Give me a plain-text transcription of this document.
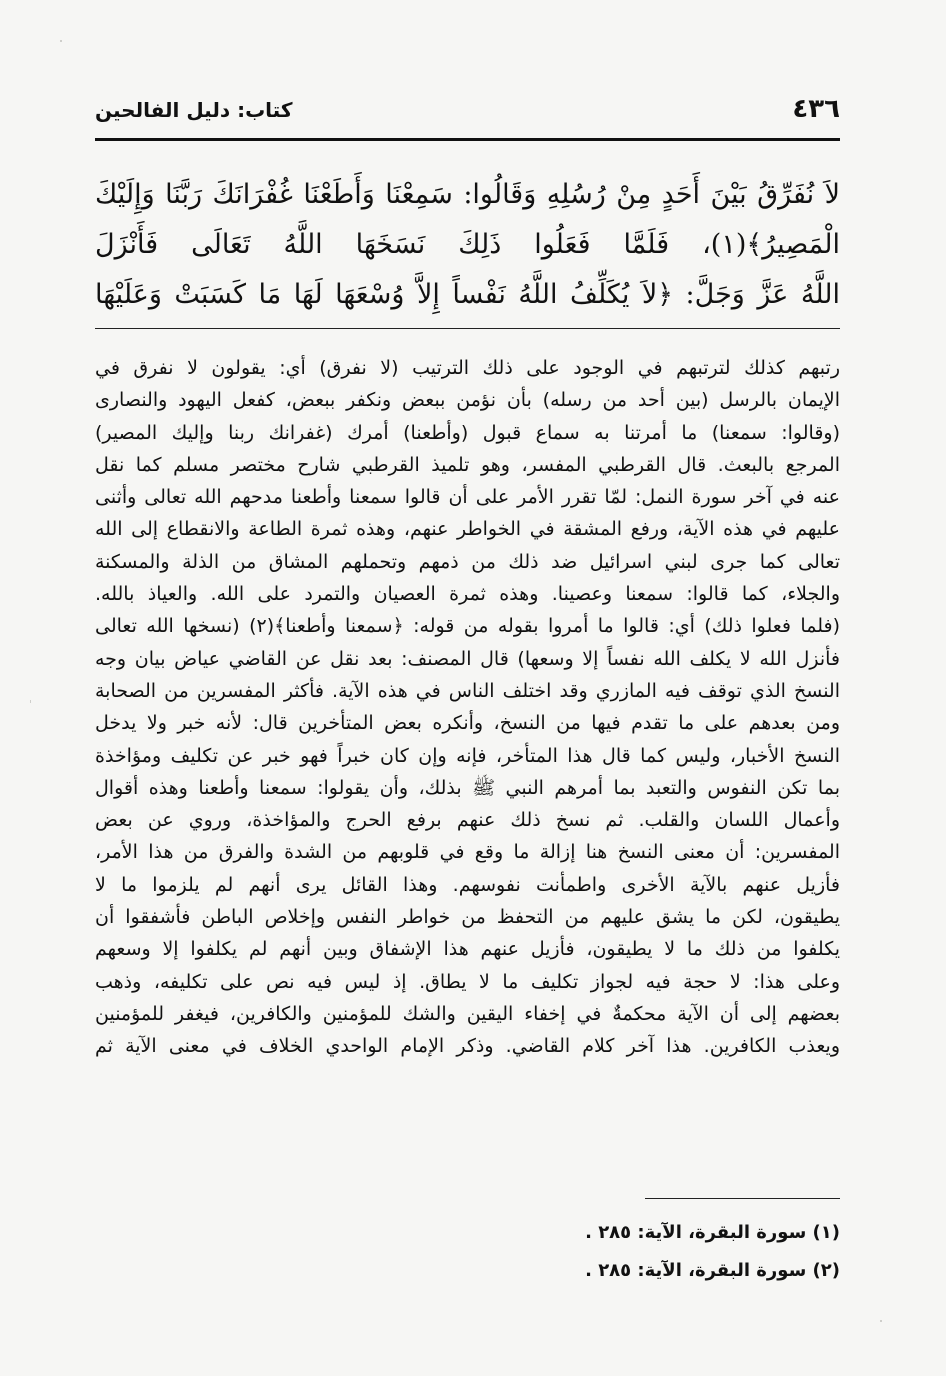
٤٣٦
كتاب: دليل الفالحين

لاَ نُفَرِّقُ بَيْنَ أَحَدٍ مِنْ رُسُلِهِ وَقَالُوا: سَمِعْنَا وَأَطَعْنَا غُفْرَانَكَ رَبَّنَا وَإِلَيْكَ

الْمَصِيرُ﴾(١)، فَلَمَّا فَعَلُوا ذَلِكَ نَسَخَهَا اللَّهُ تَعَالَى فَأَنْزَلَ

اللَّهُ عَزَّ وَجَلَّ: ﴿لاَ يُكَلِّفُ اللَّهُ نَفْساً إِلاَّ وُسْعَهَا لَهَا مَا كَسَبَتْ وَعَلَيْهَا

رتبهم كذلك لترتبهم في الوجود على ذلك الترتيب (لا نفرق) أي: يقولون لا نفرق في

الإيمان بالرسل (بين أحد من رسله) بأن نؤمن ببعض ونكفر ببعض، كفعل اليهود والنصارى

(وقالوا: سمعنا) ما أمرتنا به سماع قبول (وأطعنا) أمرك (غفرانك ربنا وإليك المصير)

المرجع بالبعث. قال القرطبي المفسر، وهو تلميذ القرطبي شارح مختصر مسلم كما نقل

عنه في آخر سورة النمل: لمّا تقرر الأمر على أن قالوا سمعنا وأطعنا مدحهم الله تعالى وأثنى

عليهم في هذه الآية، ورفع المشقة في الخواطر عنهم، وهذه ثمرة الطاعة والانقطاع إلى الله

تعالى كما جرى لبني اسرائيل ضد ذلك من ذمهم وتحملهم المشاق من الذلة والمسكنة

والجلاء، كما قالوا: سمعنا وعصينا. وهذه ثمرة العصيان والتمرد على الله. والعياذ بالله.

(فلما فعلوا ذلك) أي: قالوا ما أمروا بقوله من قوله: ﴿سمعنا وأطعنا﴾(٢) (نسخها الله تعالى

فأنزل الله لا يكلف الله نفساً إلا وسعها) قال المصنف: بعد نقل عن القاضي عياض بيان وجه

النسخ الذي توقف فيه المازري وقد اختلف الناس في هذه الآية. فأكثر المفسرين من الصحابة

ومن بعدهم على ما تقدم فيها من النسخ، وأنكره بعض المتأخرين قال: لأنه خبر ولا يدخل

النسخ الأخبار، وليس كما قال هذا المتأخر، فإنه وإن كان خبراً فهو خبر عن تكليف ومؤاخذة

بما تكن النفوس والتعبد بما أمرهم النبي ﷺ بذلك، وأن يقولوا: سمعنا وأطعنا وهذه أقوال

وأعمال اللسان والقلب. ثم نسخ ذلك عنهم برفع الحرج والمؤاخذة، وروي عن بعض

المفسرين: أن معنى النسخ هنا إزالة ما وقع في قلوبهم من الشدة والفرق من هذا الأمر،

فأزيل عنهم بالآية الأخرى واطمأنت نفوسهم. وهذا القائل يرى أنهم لم يلزموا ما لا

يطيقون، لكن ما يشق عليهم من التحفظ من خواطر النفس وإخلاص الباطن فأشفقوا أن

يكلفوا من ذلك ما لا يطيقون، فأزيل عنهم هذا الإشفاق وبين أنهم لم يكلفوا إلا وسعهم

وعلى هذا: لا حجة فيه لجواز تكليف ما لا يطاق. إذ ليس فيه نص على تكليفه، وذهب

بعضهم إلى أن الآية محكمةٌ في إخفاء اليقين والشك للمؤمنين والكافرين، فيغفر للمؤمنين

ويعذب الكافرين. هذا آخر كلام القاضي. وذكر الإمام الواحدي الخلاف في معنى الآية ثم

(١) سورة البقرة، الآية: ٢٨٥ .

(٢) سورة البقرة، الآية: ٢٨٥ .
